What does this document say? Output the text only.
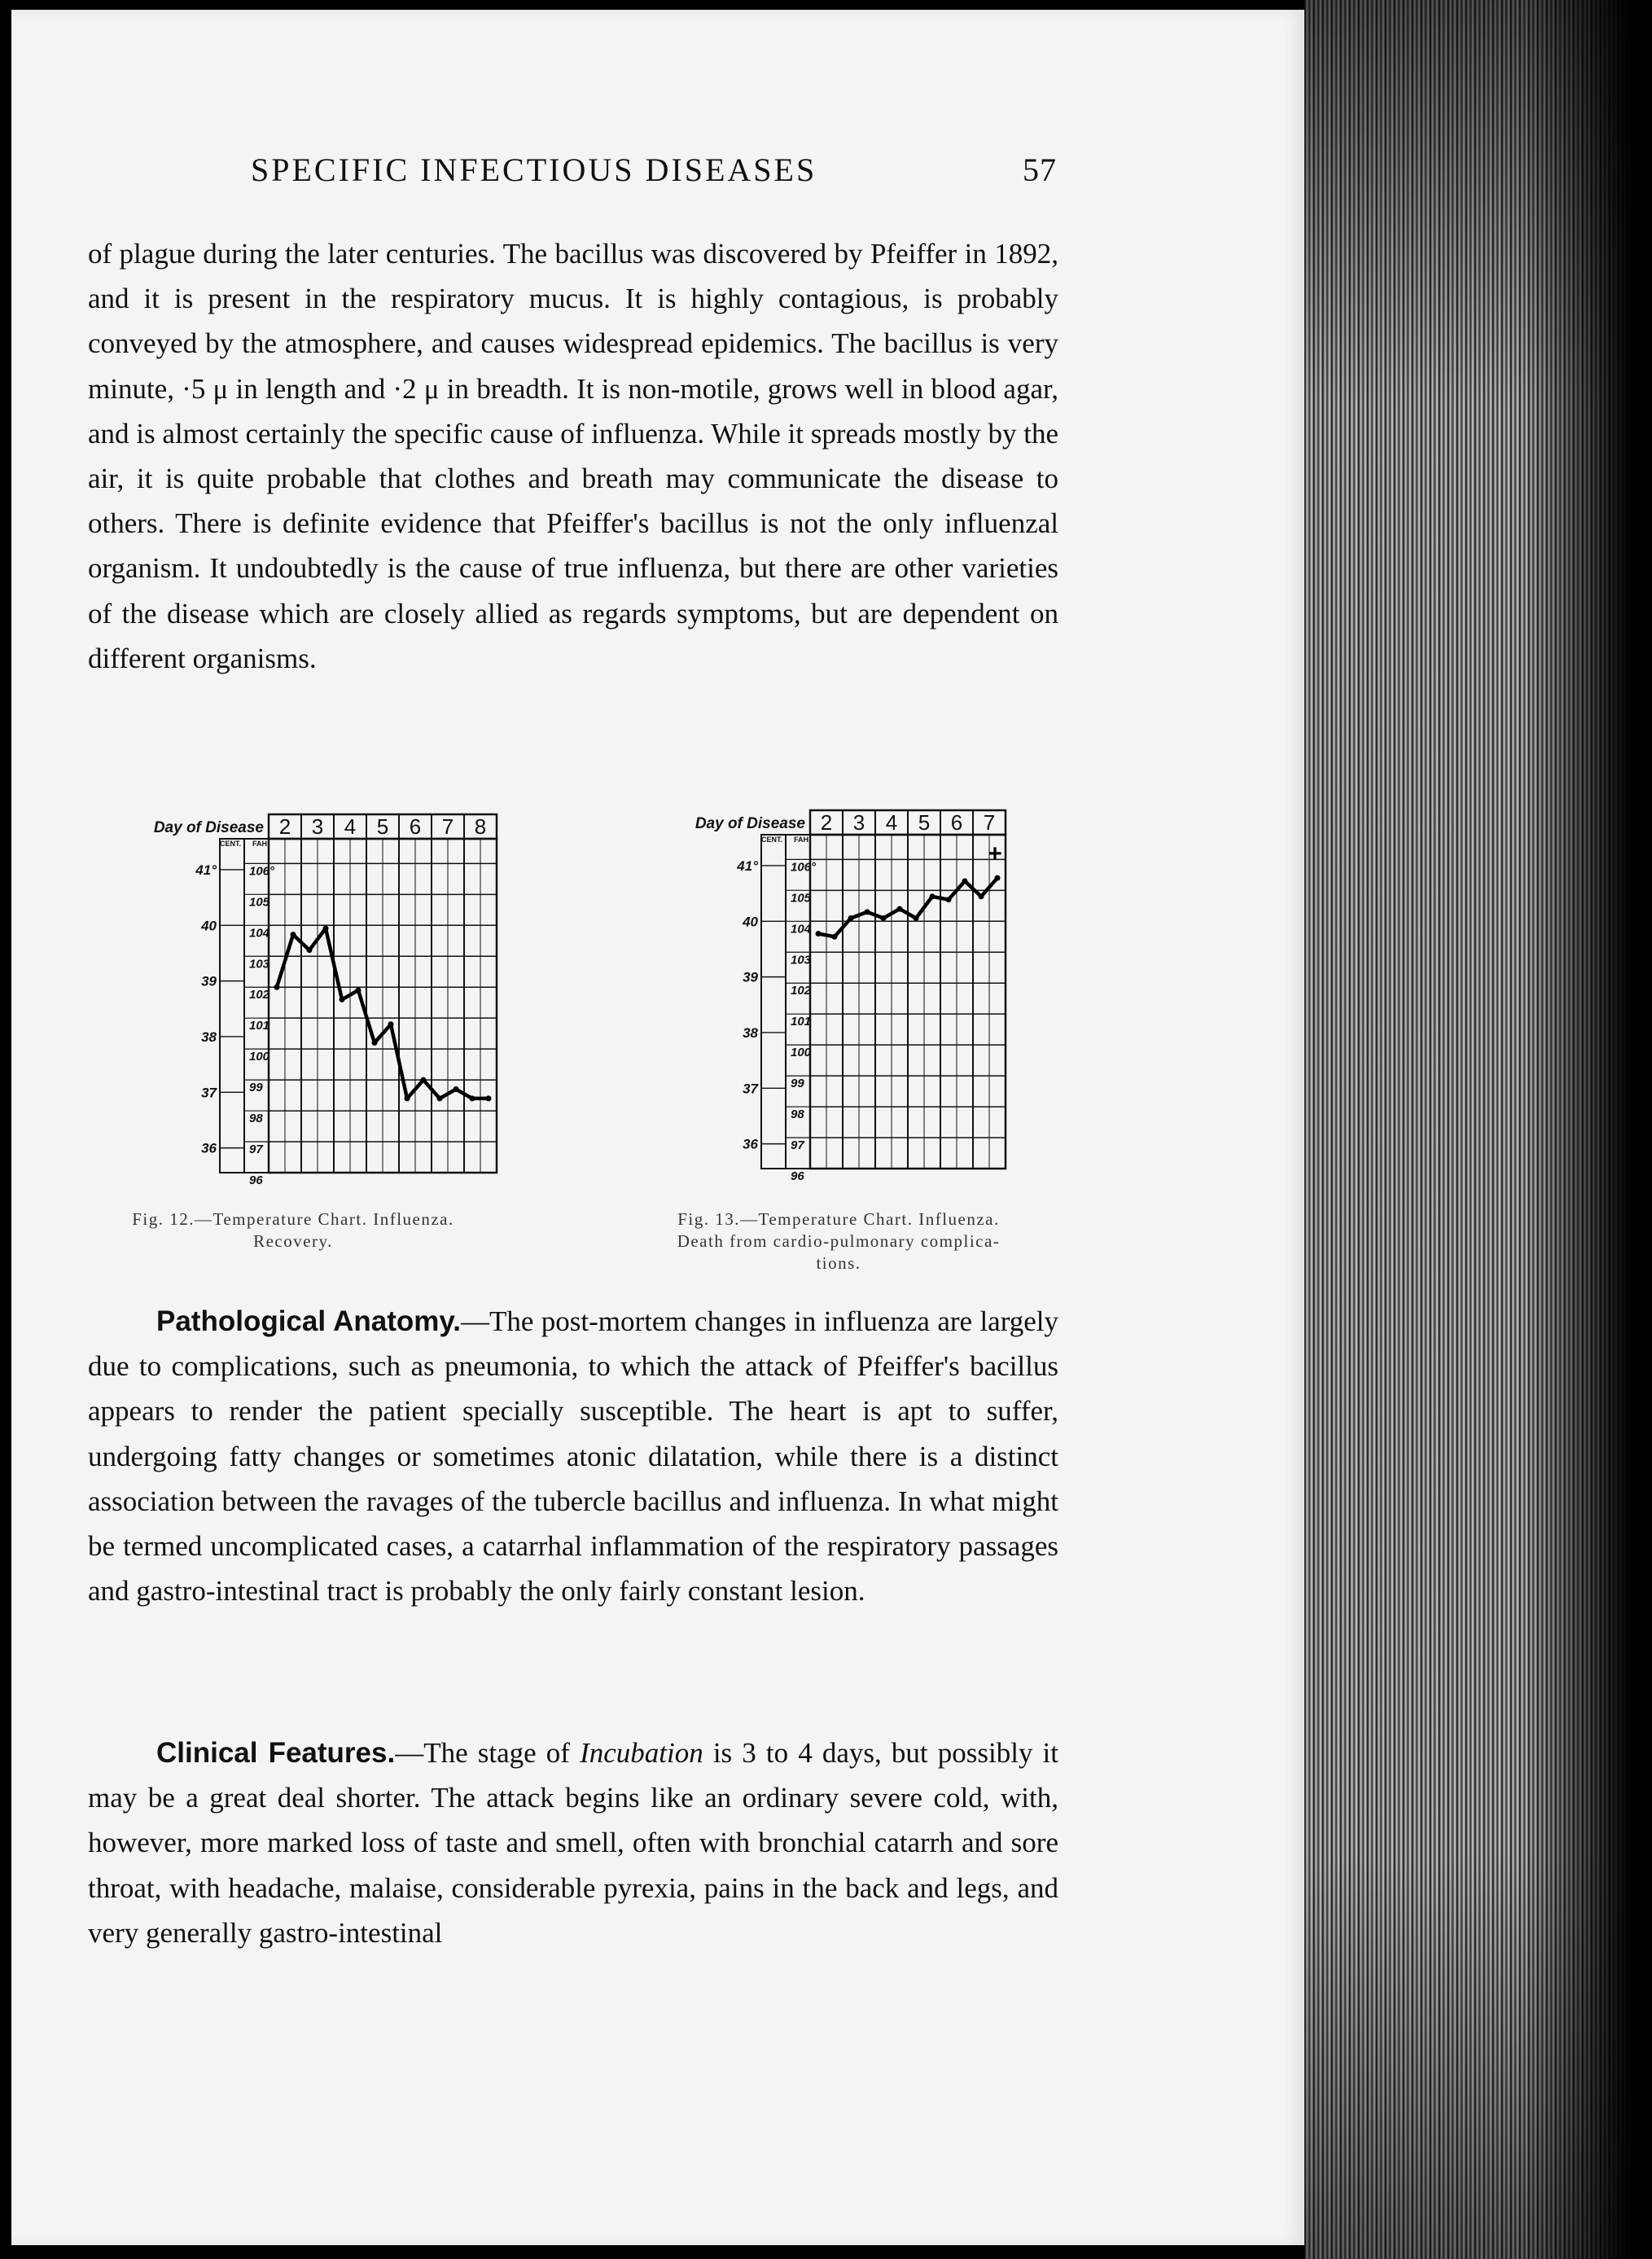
SPECIFIC INFECTIOUS DISEASES	57

of plague during the later centuries. The bacillus was discovered by Pfeiffer in 1892, and it is present in the respiratory mucus. It is highly contagious, is probably conveyed by the atmosphere, and causes widespread epidemics. The bacillus is very minute, ·5 μ in length and ·2 μ in breadth. It is non-motile, grows well in blood agar, and is almost certainly the specific cause of influenza. While it spreads mostly by the air, it is quite probable that clothes and breath may communicate the disease to others. There is definite evidence that Pfeiffer's bacillus is not the only influenzal organism. It undoubtedly is the cause of true influenza, but there are other varieties of the disease which are closely allied as regards symptoms, but are dependent on different organisms.

Day of Disease 2 3 4 5 6 7 8
CENT. FAH
106°
105
104
103
102
101
100
99
98
97
96
41°
40
39
38
37
36
Day of Disease 2 3 4 5 6 7
CENT. FAH
106°
105
104
103
102
101
100
99
98
97
96
41°
40
39
38
37
36
+
Fig. 12.—Temperature Chart. Influenza.
Recovery.
Fig. 13.—Temperature Chart. Influenza.
Death from cardio-pulmonary complica-
tions.

Pathological Anatomy.—The post-mortem changes in influenza are largely due to complications, such as pneumonia, to which the attack of Pfeiffer's bacillus appears to render the patient specially susceptible. The heart is apt to suffer, undergoing fatty changes or sometimes atonic dilatation, while there is a distinct association between the ravages of the tubercle bacillus and influenza. In what might be termed uncomplicated cases, a catarrhal inflammation of the respiratory passages and gastro-intestinal tract is probably the only fairly constant lesion.

Clinical Features.—The stage of Incubation is 3 to 4 days, but possibly it may be a great deal shorter. The attack begins like an ordinary severe cold, with, however, more marked loss of taste and smell, often with bronchial catarrh and sore throat, with headache, malaise, considerable pyrexia, pains in the back and legs, and very generally gastro-intestinal
